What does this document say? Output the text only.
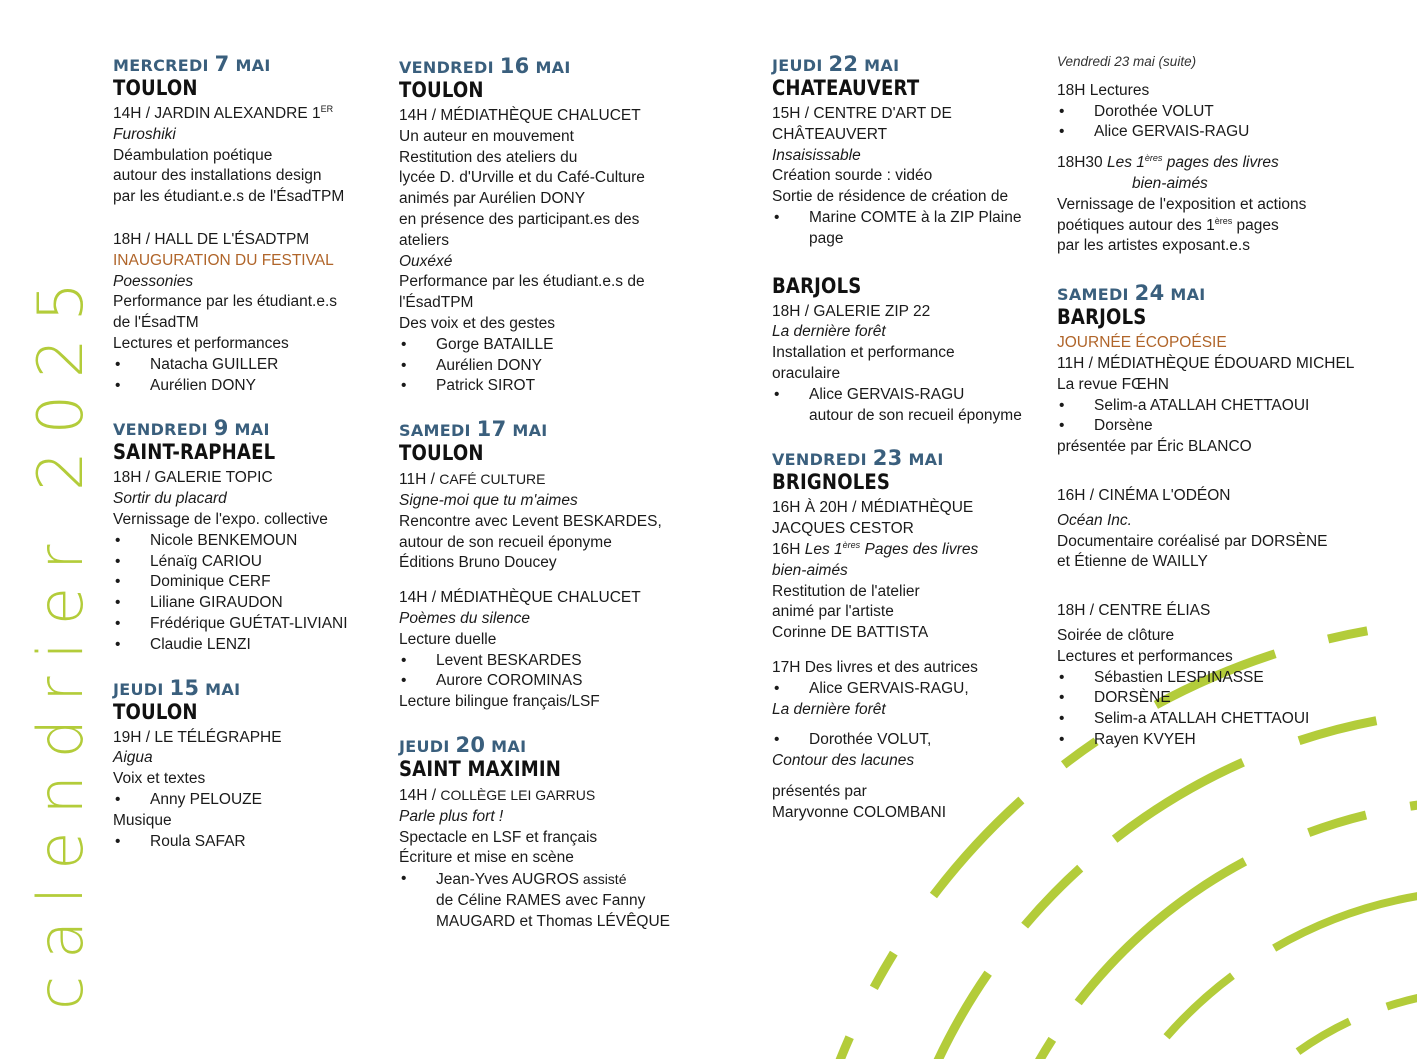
calendrier 2025
MERCREDI 7 MAI
TOULON
14H / JARDIN ALEXANDRE 1ER
Furoshiki
Déambulation poétique
autour des installations design
par les étudiant.e.s de l'ÉsadTPM
18H / HALL DE L'ÉSADTPM
INAUGURATION DU FESTIVAL
Poessonies
Performance par les étudiant.e.s
de l'ÉsadTM
Lectures et performances
• Natacha GUILLER
• Aurélien DONY
VENDREDI 9 MAI
SAINT-RAPHAEL
18H / GALERIE TOPIC
Sortir du placard
Vernissage de l'expo. collective
• Nicole BENKEMOUN
• Lénaïg CARIOU
• Dominique CERF
• Liliane GIRAUDON
• Frédérique GUÉTAT-LIVIANI
• Claudie LENZI
JEUDI 15 MAI
TOULON
19H / LE TÉLÉGRAPHE
Aigua
Voix et textes
• Anny PELOUZE
Musique
• Roula SAFAR
VENDREDI 16 MAI
TOULON
14H / MÉDIATHÈQUE CHALUCET
Un auteur en mouvement
Restitution des ateliers du
lycée D. d'Urville et du Café-Culture
animés par Aurélien DONY
en présence des participant.es des
ateliers
Ouxéxé
Performance par les étudiant.e.s de
l'ÉsadTPM
Des voix et des gestes
• Gorge BATAILLE
• Aurélien DONY
• Patrick SIROT
SAMEDI 17 MAI
TOULON
11H / CAFÉ CULTURE
Signe-moi que tu m'aimes
Rencontre avec Levent BESKARDES,
autour de son recueil éponyme
Éditions Bruno Doucey
14H / MÉDIATHÈQUE CHALUCET
Poèmes du silence
Lecture duelle
• Levent BESKARDES
• Aurore COROMINAS
Lecture bilingue français/LSF
JEUDI 20 MAI
SAINT MAXIMIN
14H / COLLÈGE LEI GARRUS
Parle plus fort !
Spectacle en LSF et français
Écriture et mise en scène
• Jean-Yves AUGROS assisté
de Céline RAMES avec Fanny
MAUGARD et Thomas LÉVÊQUE
JEUDI 22 MAI
CHATEAUVERT
15H / CENTRE D'ART DE
CHÂTEAUVERT
Insaisissable
Création sourde : vidéo
Sortie de résidence de création de
• Marine COMTE à la ZIP Plaine
page
BARJOLS
18H / GALERIE ZIP 22
La dernière forêt
Installation et performance
oraculaire
• Alice GERVAIS-RAGU
autour de son recueil éponyme
VENDREDI 23 MAI
BRIGNOLES
16H À 20H / MÉDIATHÈQUE
JACQUES CESTOR
16H Les 1ères Pages des livres
bien-aimés
Restitution de l'atelier
animé par l'artiste
Corinne DE BATTISTA
17H Des livres et des autrices
• Alice GERVAIS-RAGU,
La dernière forêt
• Dorothée VOLUT,
Contour des lacunes
présentés par
Maryvonne COLOMBANI
Vendredi 23 mai (suite)
18H Lectures
• Dorothée VOLUT
• Alice GERVAIS-RAGU
18H30 Les 1ères pages des livres
bien-aimés
Vernissage de l'exposition et actions
poétiques autour des 1ères pages
par les artistes exposant.e.s
SAMEDI 24 MAI
BARJOLS
JOURNÉE ÉCOPOÉSIE
11H / MÉDIATHÈQUE ÉDOUARD MICHEL
La revue FŒHN
• Selim-a ATALLAH CHETTAOUI
• Dorsène
présentée par Éric BLANCO
16H / CINÉMA L'ODÉON
Océan Inc.
Documentaire coréalisé par DORSÈNE
et Étienne de WAILLY
18H / CENTRE ÉLIAS
Soirée de clôture
Lectures et performances
• Sébastien LESPINASSE
• DORSÈNE
• Selim-a ATALLAH CHETTAOUI
• Rayen KVYEH
